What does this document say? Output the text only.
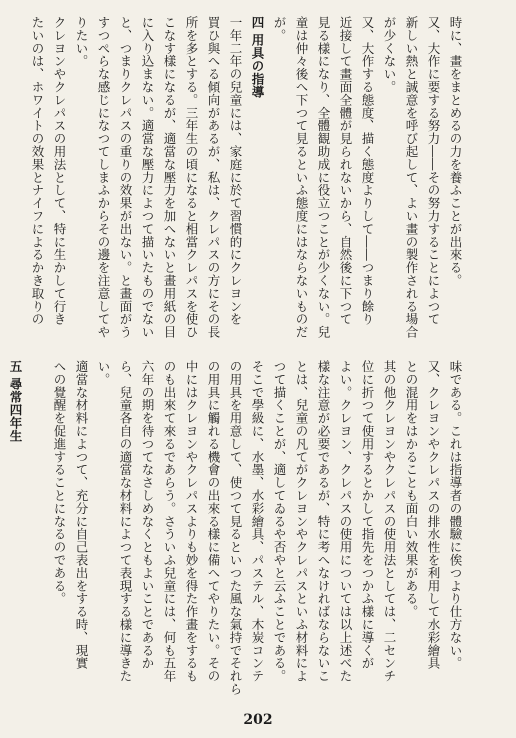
時に、畫をまとめるの力を養ふことが出來る。
又、大作に要する努力――その努力することによつて
新しい熱と誠意を呼び起して、よい畫の製作される場合
が少くない。
又、大作する態度、描く態度よりして――つまり餘り
近接して畫面全體が見られないから、自然後に下つて
見る樣になり、全體観助成に役立つことが少くない。兒
童は仲々後へ下つて見るといふ態度にはならないものだ
が。
四 用具の指導
一年二年の兒童には、家庭に於て習慣的にクレヨンを
買ひ與へる傾向があるが、私は、クレパスの方にその長
所を多とする。三年生の頃になると相當クレパスを使ひ
こなす樣になるが、適當な壓力を加へないと畫用紙の目
に入り込まない。適當な壓力によつて描いたものでない
と、つまりクレパスの重りの效果が出ない。と畫面がう
すつぺらな感じになつてしまふからその邊を注意してや
りたい。
クレヨンやクレパスの用法として、特に生かして行き
たいのは、ホワイトの效果とナイフによるかき取りの
味である。これは指導者の體驗に俟つより仕方ない。
又、クレヨンやクレパスの排水性を利用して水彩繪具
との混用をはかることも面白い效果がある。
其の他クレヨンやクレパスの使用法としては、二センチ
位に折つて使用するとかして指先をつかふ樣に導くが
よい。クレヨン、クレパスの使用については以上述べた
樣な注意が必要であるが、特に考へなければならないこ
とは、兒童の凡てがクレヨンやクレパスといふ材料によ
つて描くことが、適してゐるや否やと云ふことである。
そこで學級に、水墨、水彩繪具、パステル、木炭コンテ
の用具を用意して、使つて見るといつた風な氣持でそれら
の用具に觸れる機會の出來る樣に備へてやりたい。その
中にはクレヨンやクレパスよりも妙を得た作畫をするも
のも出來て來るであらう。さういふ兒童には、何も五年
六年の期を待つてなさしめなくともよいことであるか
ら、兒童各自の適當な材料によつて表現する樣に導きた
い。
適當な材料によつて、充分に自己表出をする時、現實
への覺醒を促進することになるのである。

五 尋常四年生
202
